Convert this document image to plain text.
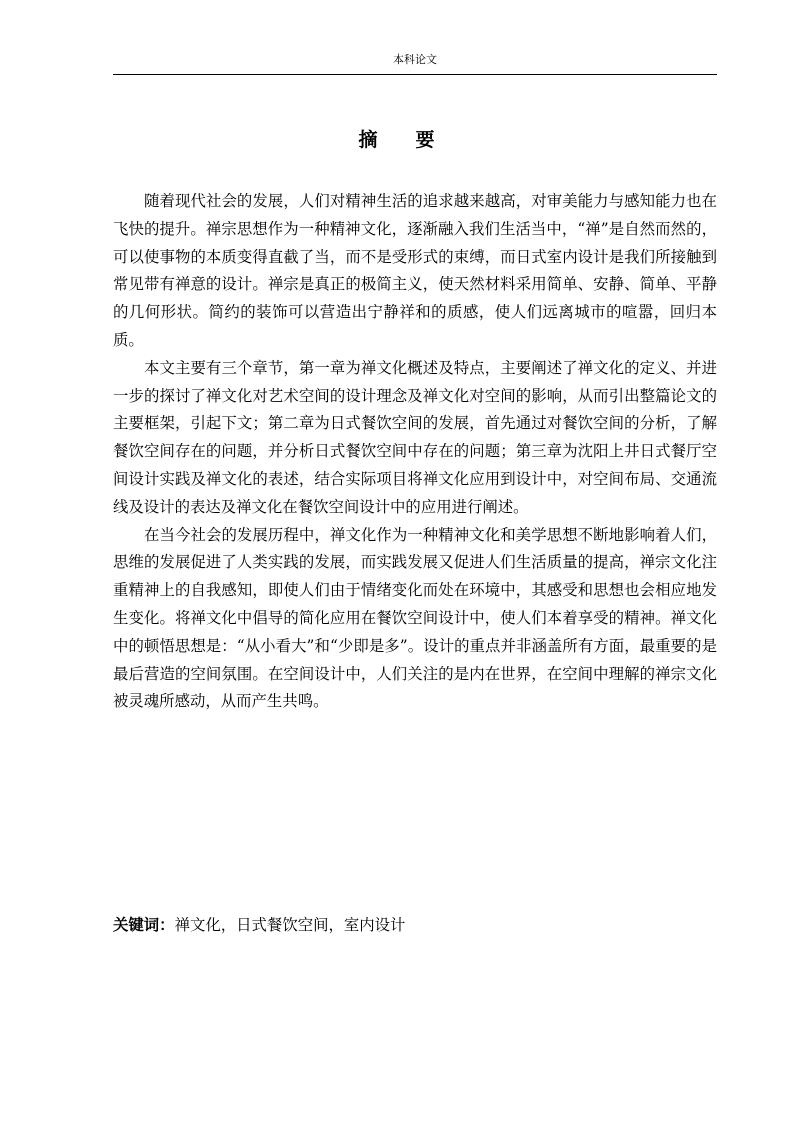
本科论文
摘要

随着现代社会的发展，人们对精神生活的追求越来越高，对审美能力与感知能力也在飞快的提升。禅宗思想作为一种精神文化，逐渐融入我们生活当中，“禅”是自然而然的，可以使事物的本质变得直截了当，而不是受形式的束缚，而日式室内设计是我们所接触到常见带有禅意的设计。禅宗是真正的极简主义，使天然材料采用简单、安静、简单、平静的几何形状。简约的装饰可以营造出宁静祥和的质感，使人们远离城市的喧嚣，回归本质。

本文主要有三个章节，第一章为禅文化概述及特点，主要阐述了禅文化的定义、并进一步的探讨了禅文化对艺术空间的设计理念及禅文化对空间的影响，从而引出整篇论文的主要框架，引起下文；第二章为日式餐饮空间的发展，首先通过对餐饮空间的分析，了解餐饮空间存在的问题，并分析日式餐饮空间中存在的问题；第三章为沈阳上井日式餐厅空间设计实践及禅文化的表述，结合实际项目将禅文化应用到设计中，对空间布局、交通流线及设计的表达及禅文化在餐饮空间设计中的应用进行阐述。

在当今社会的发展历程中，禅文化作为一种精神文化和美学思想不断地影响着人们，思维的发展促进了人类实践的发展，而实践发展又促进人们生活质量的提高，禅宗文化注重精神上的自我感知，即使人们由于情绪变化而处在环境中，其感受和思想也会相应地发生变化。将禅文化中倡导的简化应用在餐饮空间设计中，使人们本着享受的精神。禅文化中的顿悟思想是：“从小看大”和“少即是多”。设计的重点并非涵盖所有方面，最重要的是最后营造的空间氛围。在空间设计中，人们关注的是内在世界，在空间中理解的禅宗文化被灵魂所感动，从而产生共鸣。

关键词：禅文化，日式餐饮空间，室内设计
